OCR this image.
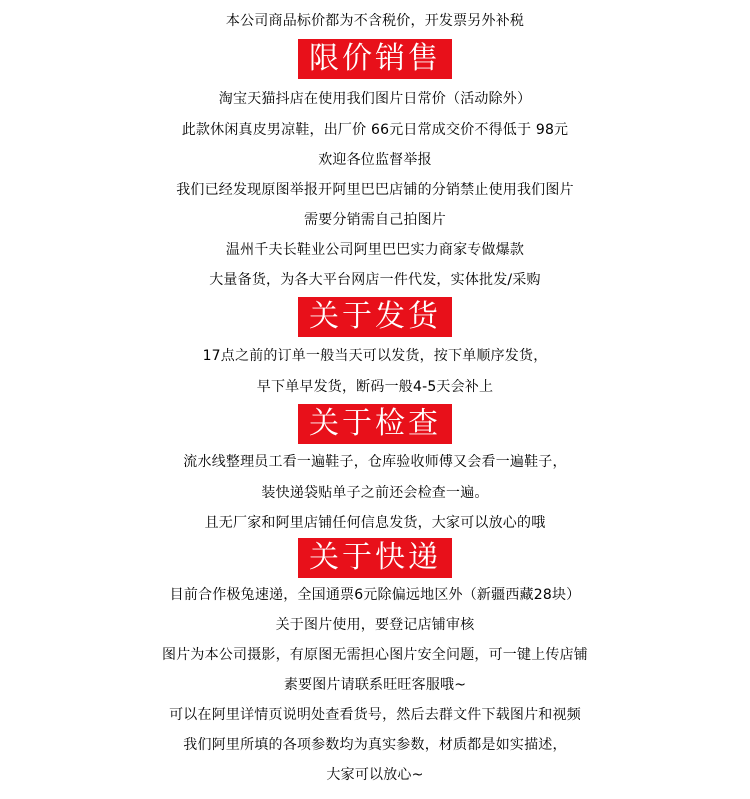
本公司商品标价都为不含税价，开发票另外补税
限价销售
淘宝天猫抖店在使用我们图片日常价（活动除外）
此款休闲真皮男凉鞋，出厂价 66元日常成交价不得低于 98元
欢迎各位监督举报
我们已经发现原图举报开阿里巴巴店铺的分销禁止使用我们图片
需要分销需自己拍图片
温州千夫长鞋业公司阿里巴巴实力商家专做爆款
大量备货，为各大平台网店一件代发，实体批发/采购
关于发货
17点之前的订单一般当天可以发货，按下单顺序发货，
早下单早发货，断码一般4-5天会补上
关于检查
流水线整理员工看一遍鞋子，仓库验收师傅又会看一遍鞋子，
装快递袋贴单子之前还会检查一遍。
且无厂家和阿里店铺任何信息发货，大家可以放心的哦
关于快递
目前合作极兔速递，全国通票6元除偏远地区外（新疆西藏28块）
关于图片使用，要登记店铺审核
图片为本公司摄影，有原图无需担心图片安全问题，可一键上传店铺
素要图片请联系旺旺客服哦~
可以在阿里详情页说明处查看货号，然后去群文件下载图片和视频
我们阿里所填的各项参数均为真实参数，材质都是如实描述，
大家可以放心~
